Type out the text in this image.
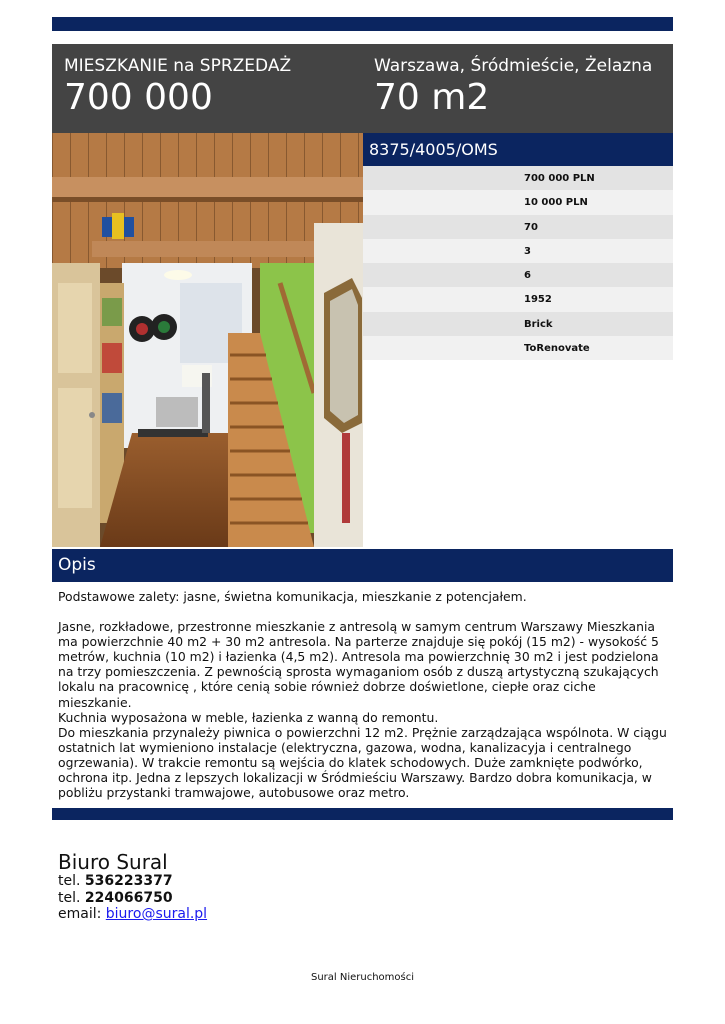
MIESZKANIE na SPRZEDAŻ
700 000
Warszawa, Śródmieście, Żelazna
70 m2
8375/4005/OMS
700 000 PLN
10 000 PLN
70
3
6
1952
Brick
ToRenovate
Opis

Podstawowe zalety: jasne, świetna komunikacja, mieszkanie z potencjałem.

Jasne, rozkładowe, przestronne mieszkanie z antresolą w samym centrum Warszawy Mieszkania
ma powierzchnie 40 m2 + 30 m2 antresola. Na parterze znajduje się pokój (15 m2) - wysokość 5
metrów, kuchnia (10 m2) i łazienka (4,5 m2). Antresola ma powierzchnię 30 m2 i jest podzielona
na trzy pomieszczenia. Z pewnością sprosta wymaganiom osób z duszą artystyczną szukających
lokalu na pracownicę , które cenią sobie również dobrze doświetlone, ciepłe oraz ciche mieszkanie.
Kuchnia wyposażona w meble, łazienka z wanną do remontu.
Do mieszkania przynależy piwnica o powierzchni 12 m2. Prężnie zarządzająca wspólnota. W ciągu
ostatnich lat wymieniono instalacje (elektryczna, gazowa, wodna, kanalizacyja i centralnego
ogrzewania). W trakcie remontu są wejścia do klatek schodowych. Duże zamknięte podwórko,
ochrona itp. Jedna z lepszych lokalizacji w Śródmieściu Warszawy. Bardzo dobra komunikacja, w
pobliżu przystanki tramwajowe, autobusowe oraz metro.
Biuro Sural
tel. 536223377
tel. 224066750
email: biuro@sural.pl
Sural Nieruchomości
